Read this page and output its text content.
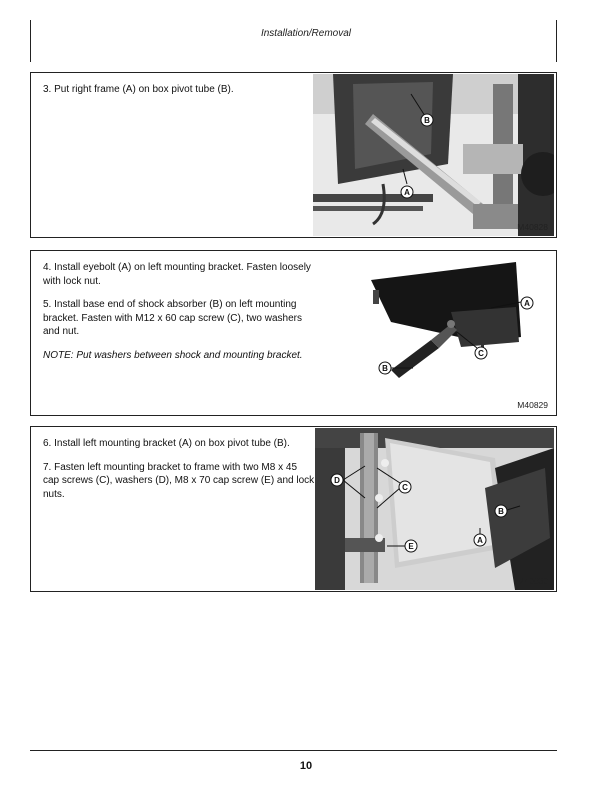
Installation/Removal

3. Put right frame (A) on box pivot tube (B).

B
A
M40828

4. Install eyebolt (A) on left mounting bracket. Fasten loosely with lock nut.

5. Install base end of shock absorber (B) on left mounting bracket. Fasten with M12 x 60 cap screw (C), two washers and nut.

NOTE: Put washers between shock and mounting bracket.

A
C
B
M40829

6. Install left mounting bracket (A) on box pivot tube (B).

7. Fasten left mounting bracket to frame with two M8 x 45 cap screws (C), washers (D), M8 x 70 cap screw (E) and lock nuts.

C
D
E
B
A
M40830
10
